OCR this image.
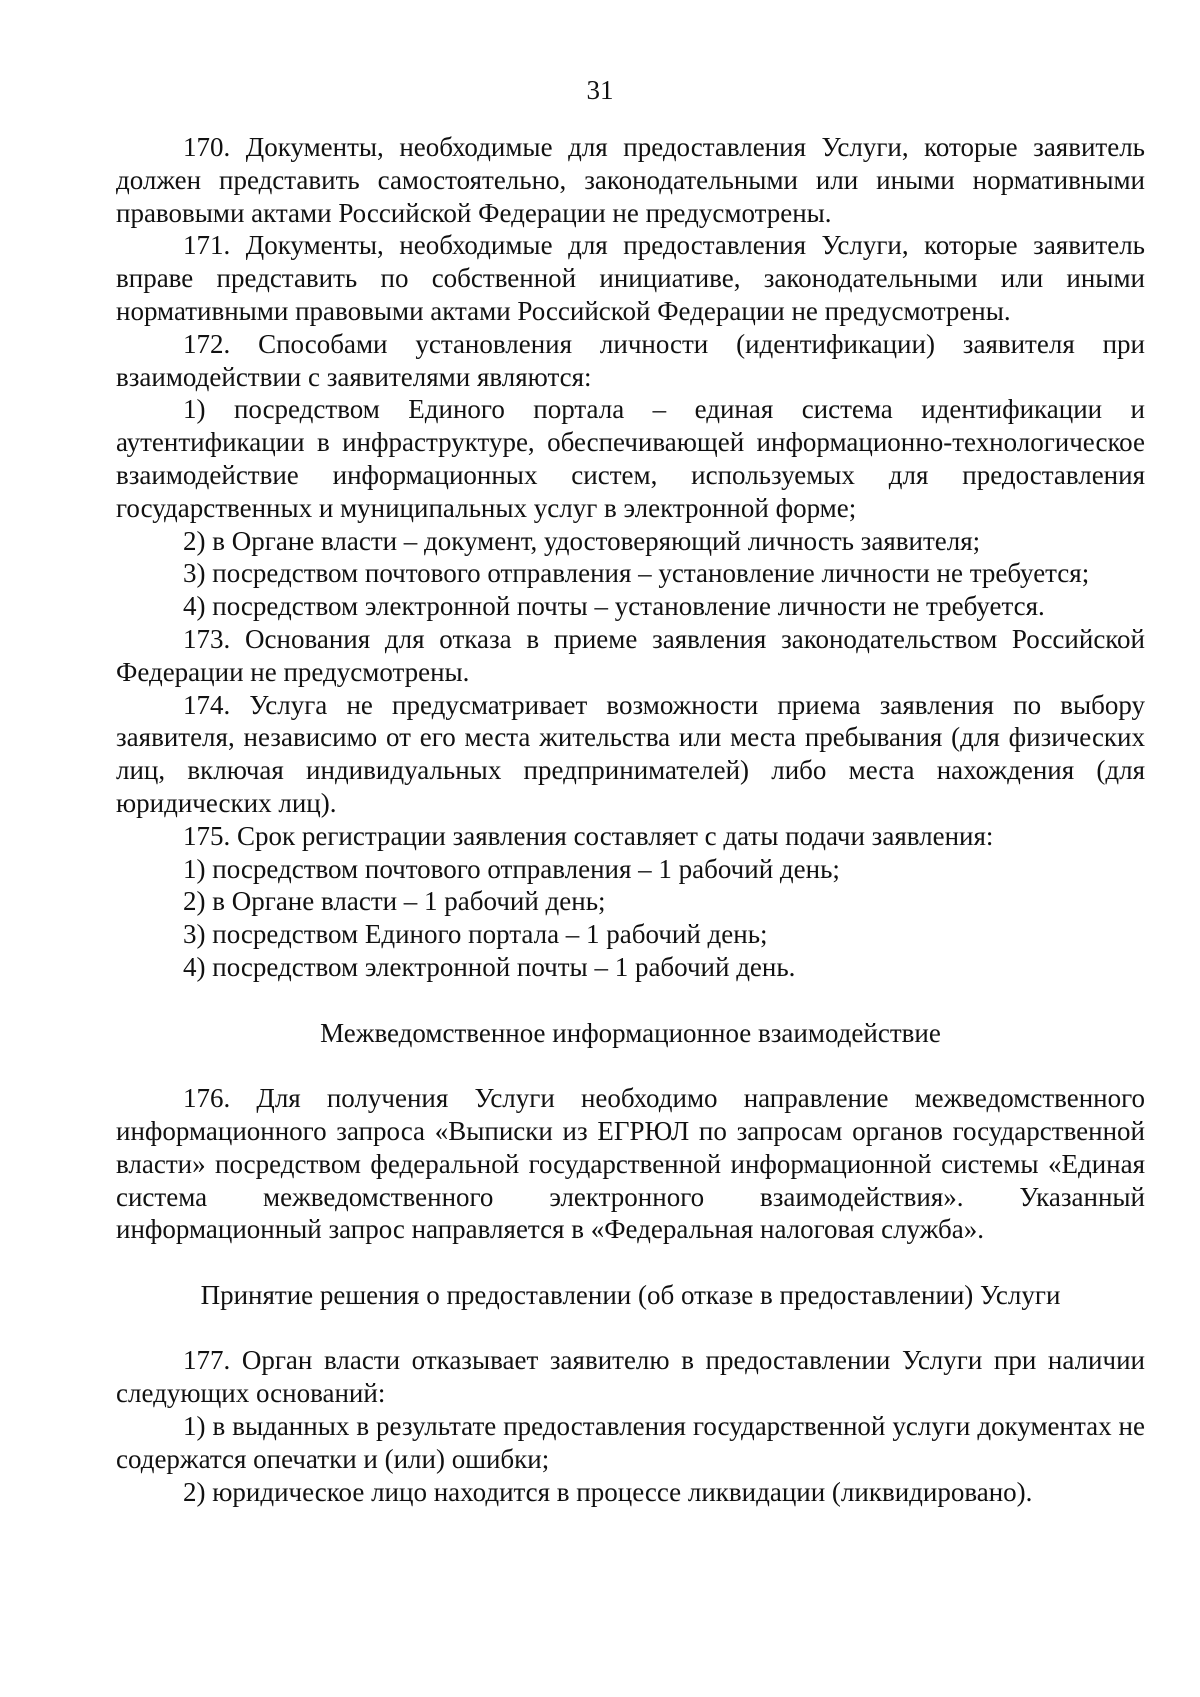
31

170. Документы, необходимые для предоставления Услуги, которые заявитель должен представить самостоятельно, законодательными или иными нормативными правовыми актами Российской Федерации не предусмотрены.

171. Документы, необходимые для предоставления Услуги, которые заявитель вправе представить по собственной инициативе, законодательными или иными нормативными правовыми актами Российской Федерации не предусмотрены.

172. Способами установления личности (идентификации) заявителя при взаимодействии с заявителями являются:

1) посредством Единого портала – единая система идентификации и аутентификации в инфраструктуре, обеспечивающей информационно-технологическое взаимодействие информационных систем, используемых для предоставления государственных и муниципальных услуг в электронной форме;

2) в Органе власти – документ, удостоверяющий личность заявителя;

3) посредством почтового отправления – установление личности не требуется;

4) посредством электронной почты – установление личности не требуется.

173. Основания для отказа в приеме заявления законодательством Российской Федерации не предусмотрены.

174. Услуга не предусматривает возможности приема заявления по выбору заявителя, независимо от его места жительства или места пребывания (для физических лиц, включая индивидуальных предпринимателей) либо места нахождения (для юридических лиц).

175. Срок регистрации заявления составляет с даты подачи заявления:

1) посредством почтового отправления – 1 рабочий день;

2) в Органе власти – 1 рабочий день;

3) посредством Единого портала – 1 рабочий день;

4) посредством электронной почты – 1 рабочий день.

Межведомственное информационное взаимодействие

176. Для получения Услуги необходимо направление межведомственного информационного запроса «Выписки из ЕГРЮЛ по запросам органов государственной власти» посредством федеральной государственной информационной системы «Единая система межведомственного электронного взаимодействия». Указанный информационный запрос направляется в «Федеральная налоговая служба».

Принятие решения о предоставлении (об отказе в предоставлении) Услуги

177. Орган власти отказывает заявителю в предоставлении Услуги при наличии следующих оснований:

1) в выданных в результате предоставления государственной услуги документах не содержатся опечатки и (или) ошибки;

2) юридическое лицо находится в процессе ликвидации (ликвидировано).
